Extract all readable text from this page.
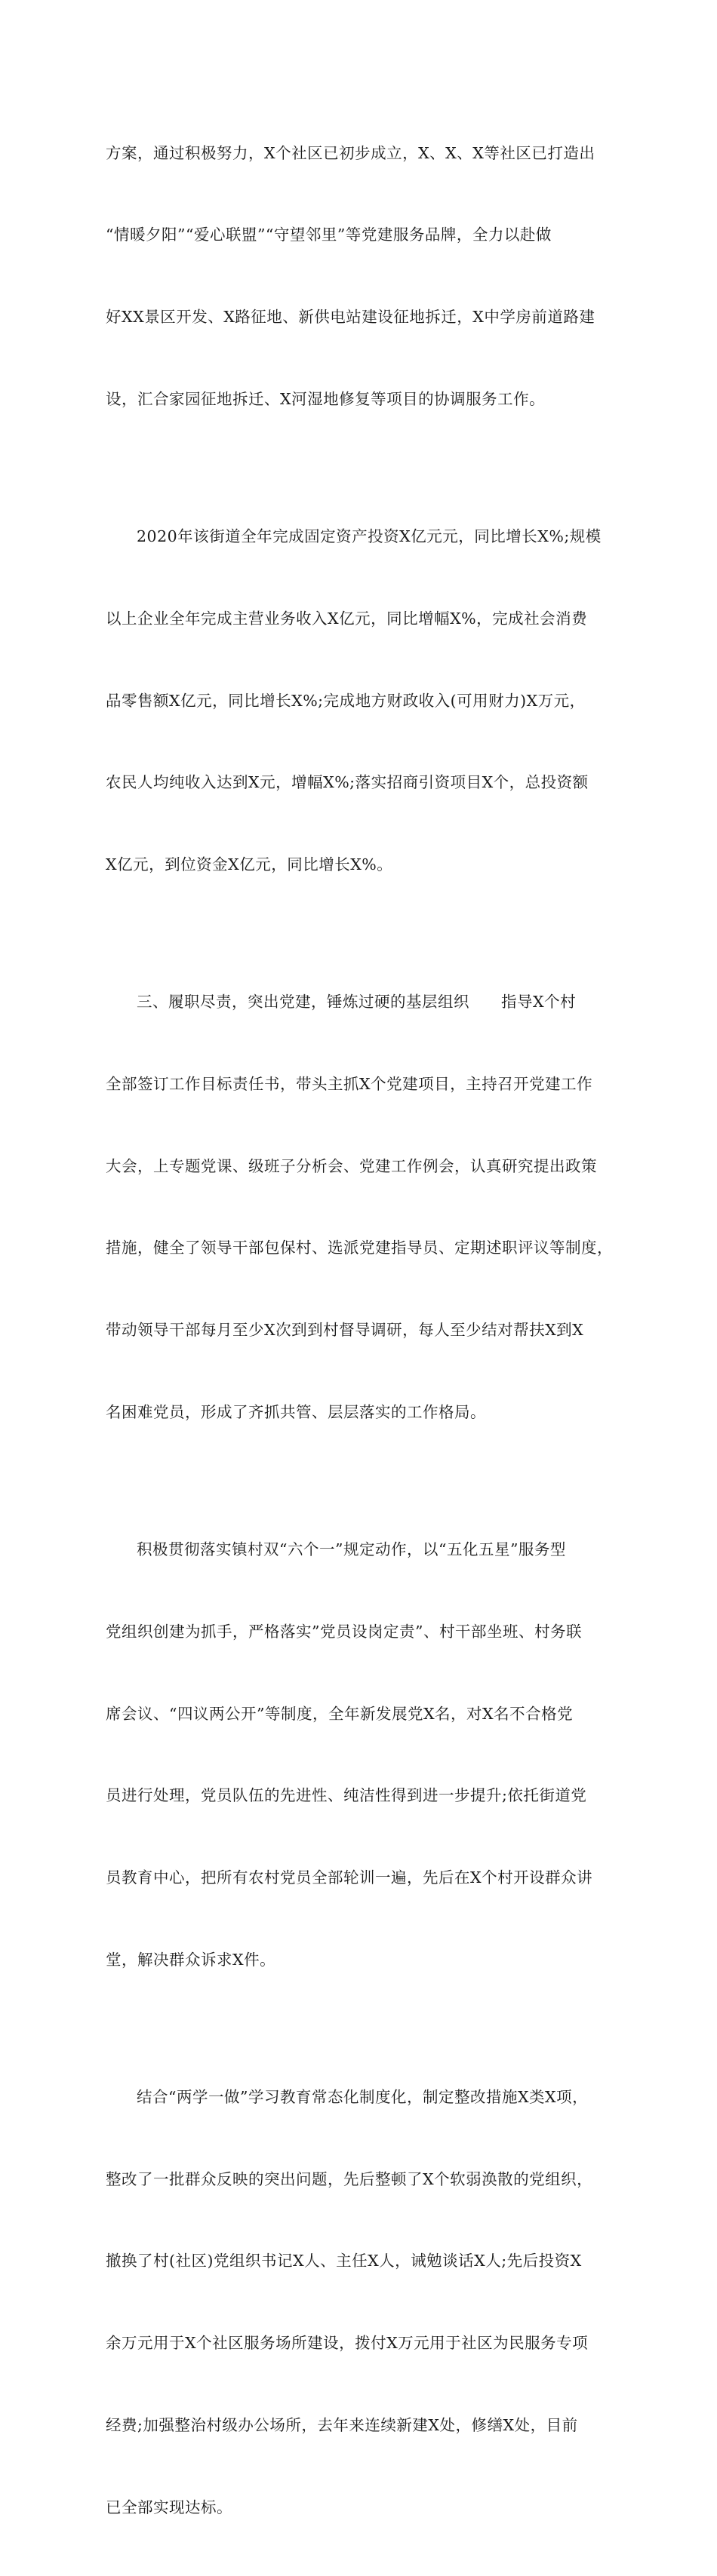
方案，通过积极努力，X个社区已初步成立，X、X、X等社区已打造出

“情暖夕阳”“爱心联盟”“守望邻里”等党建服务品牌，全力以赴做

好XX景区开发、X路征地、新供电站建设征地拆迁，X中学房前道路建

设，汇合家园征地拆迁、X河湿地修复等项目的协调服务工作。

2020年该街道全年完成固定资产投资X亿元元，同比增长X%;规模

以上企业全年完成主营业务收入X亿元，同比增幅X%，完成社会消费

品零售额X亿元，同比增长X%;完成地方财政收入(可用财力)X万元，

农民人均纯收入达到X元，增幅X%;落实招商引资项目X个，总投资额

X亿元，到位资金X亿元，同比增长X%。

三、履职尽责，突出党建，锤炼过硬的基层组织　　指导X个村

全部签订工作目标责任书，带头主抓X个党建项目，主持召开党建工作

大会，上专题党课、级班子分析会、党建工作例会，认真研究提出政策

措施，健全了领导干部包保村、选派党建指导员、定期述职评议等制度，

带动领导干部每月至少X次到到村督导调研，每人至少结对帮扶X到X

名困难党员，形成了齐抓共管、层层落实的工作格局。

积极贯彻落实镇村双“六个一”规定动作，以“五化五星”服务型

党组织创建为抓手，严格落实”党员设岗定责”、村干部坐班、村务联

席会议、“四议两公开”等制度，全年新发展党X名，对X名不合格党

员进行处理，党员队伍的先进性、纯洁性得到进一步提升;依托街道党

员教育中心，把所有农村党员全部轮训一遍，先后在X个村开设群众讲

堂，解决群众诉求X件。

结合“两学一做”学习教育常态化制度化，制定整改措施X类X项，

整改了一批群众反映的突出问题，先后整顿了X个软弱涣散的党组织，

撤换了村(社区)党组织书记X人、主任X人，诫勉谈话X人;先后投资X

余万元用于X个社区服务场所建设，拨付X万元用于社区为民服务专项

经费;加强整治村级办公场所，去年来连续新建X处，修缮X处，目前

已全部实现达标。
